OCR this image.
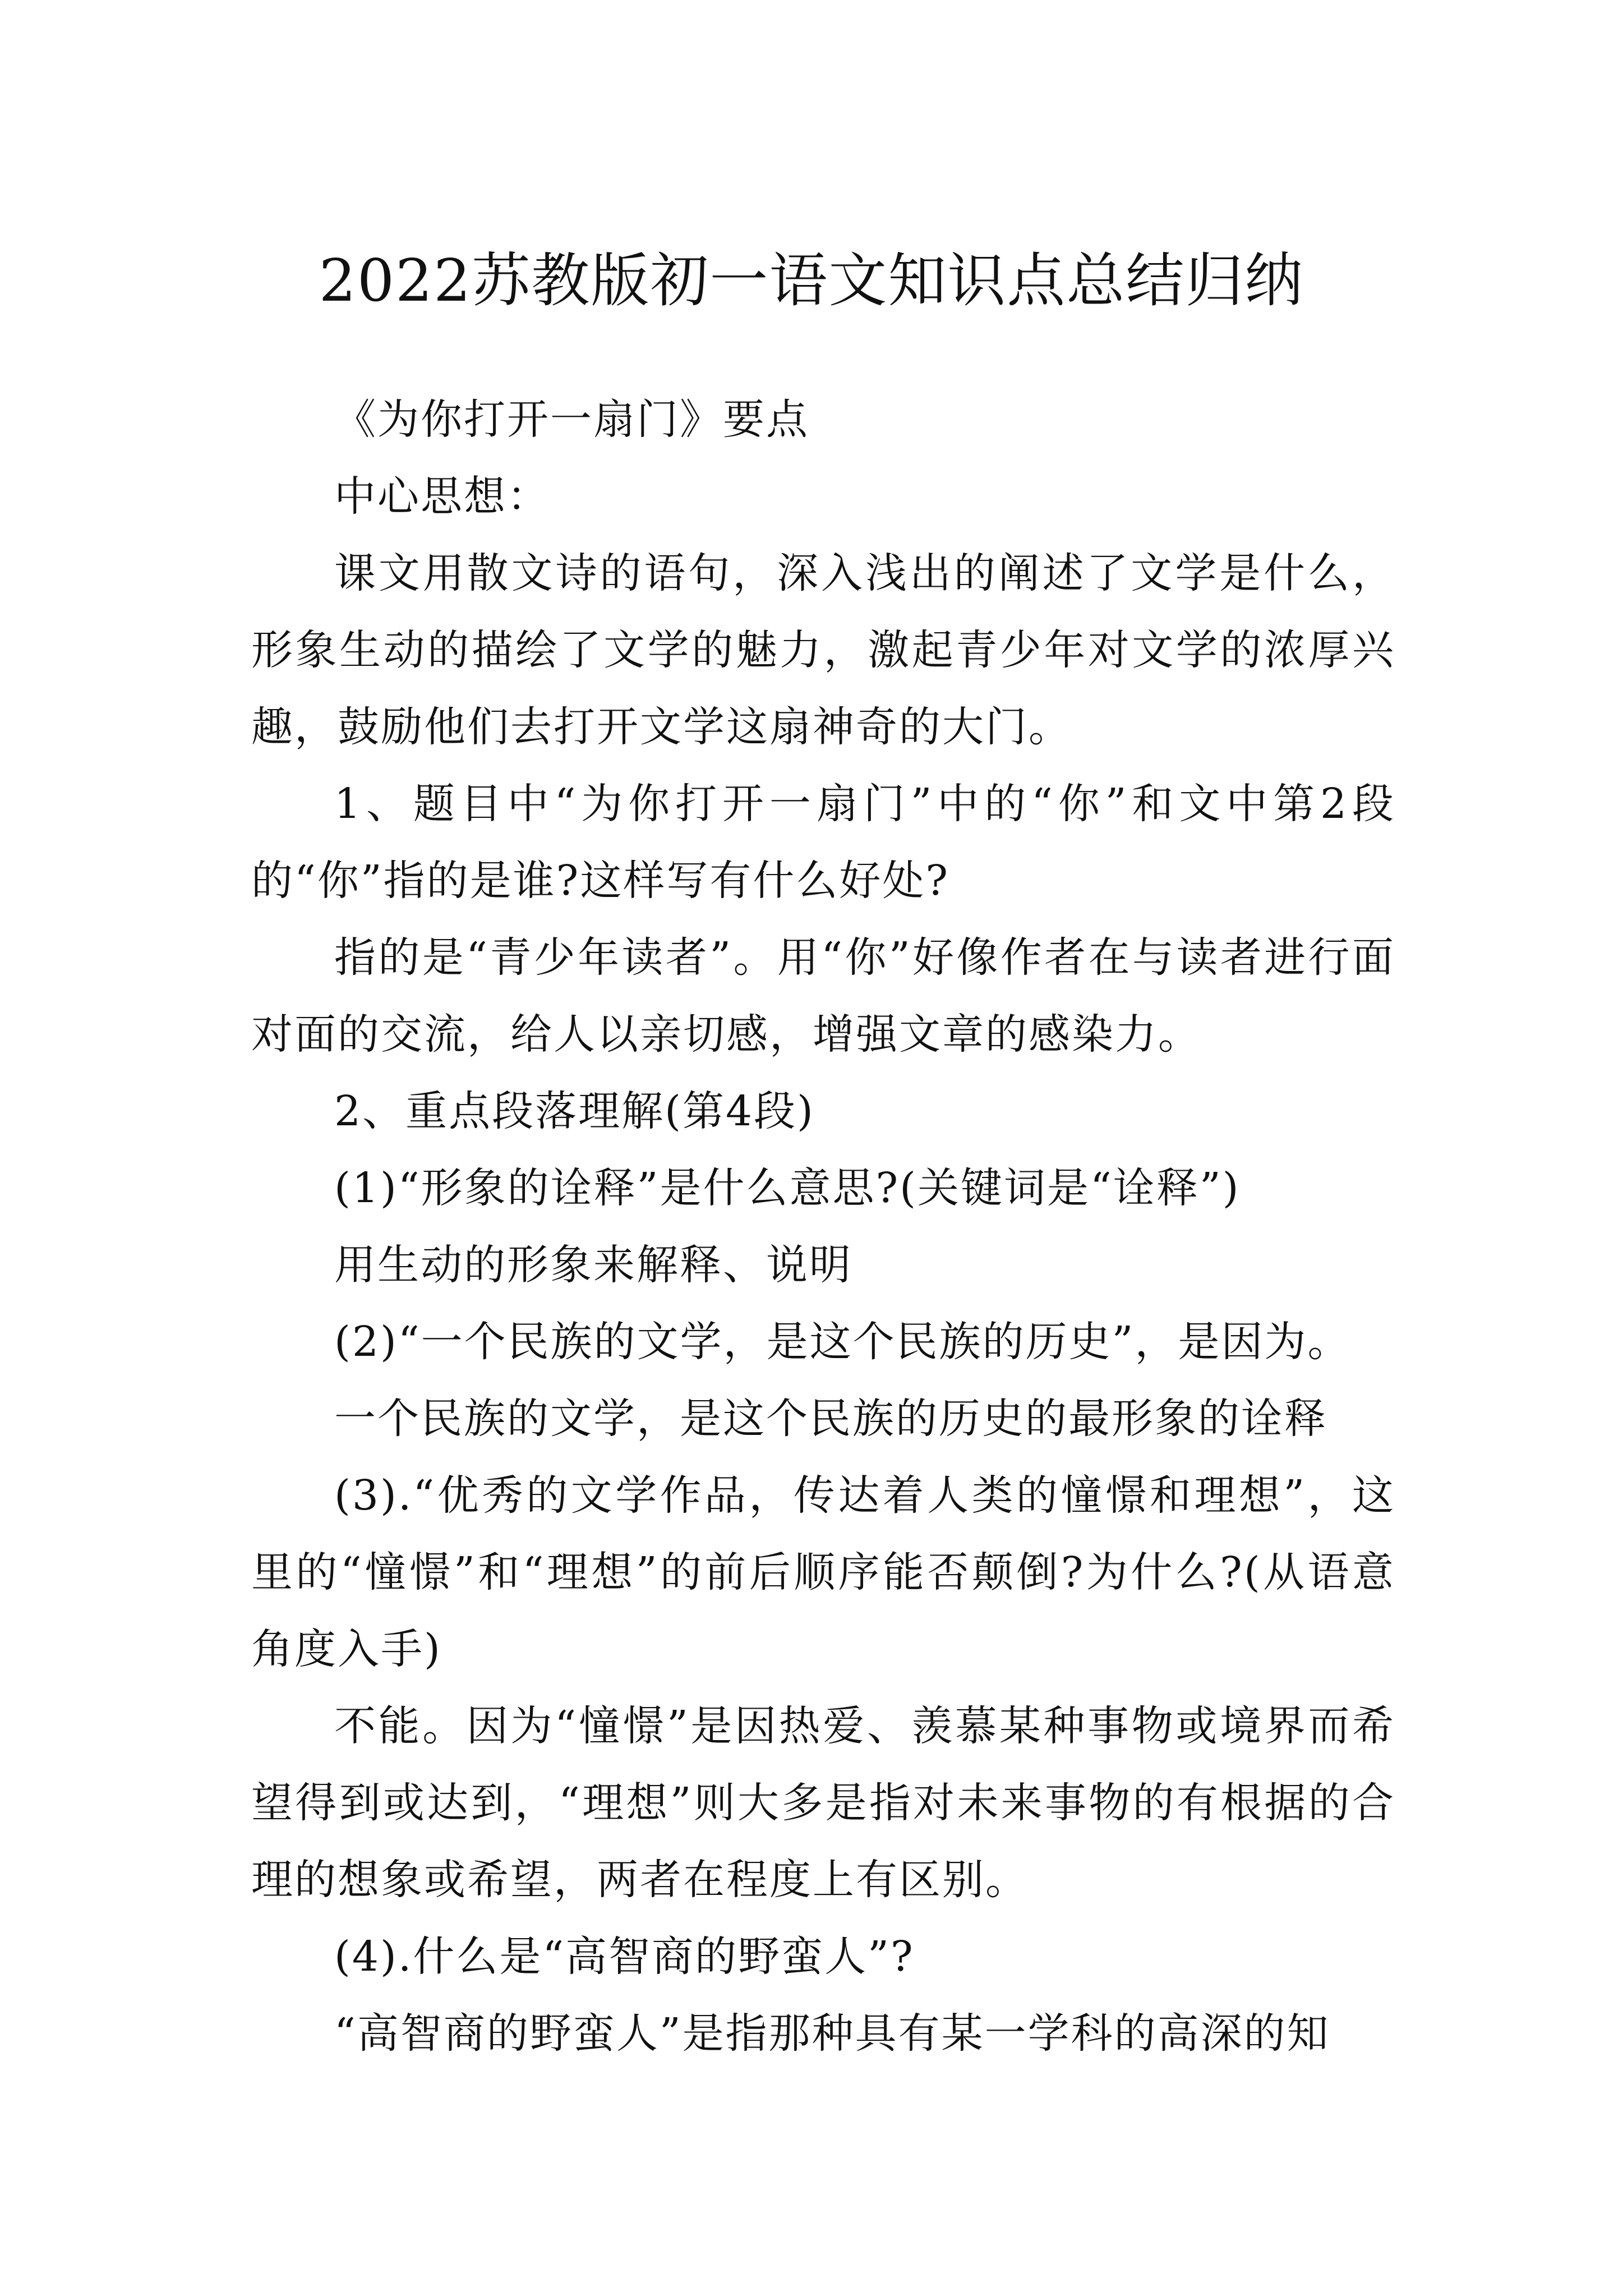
2022苏教版初一语文知识点总结归纳

《为你打开一扇门》要点

中心思想：

课文用散文诗的语句，深入浅出的阐述了文学是什么，形象生动的描绘了文学的魅力，激起青少年对文学的浓厚兴趣，鼓励他们去打开文学这扇神奇的大门。

1、题目中“为你打开一扇门”中的“你”和文中第2段的“你”指的是谁?这样写有什么好处?

指的是“青少年读者”。用“你”好像作者在与读者进行面对面的交流，给人以亲切感，增强文章的感染力。

2、重点段落理解(第4段)

(1)“形象的诠释”是什么意思?(关键词是“诠释”)

用生动的形象来解释、说明

(2)“一个民族的文学，是这个民族的历史”，是因为。

一个民族的文学，是这个民族的历史的最形象的诠释

(3).“优秀的文学作品，传达着人类的憧憬和理想”，这里的“憧憬”和“理想”的前后顺序能否颠倒?为什么?(从语意角度入手)

不能。因为“憧憬”是因热爱、羡慕某种事物或境界而希望得到或达到，“理想”则大多是指对未来事物的有根据的合理的想象或希望，两者在程度上有区别。

(4).什么是“高智商的野蛮人”?

“高智商的野蛮人”是指那种具有某一学科的高深的知
